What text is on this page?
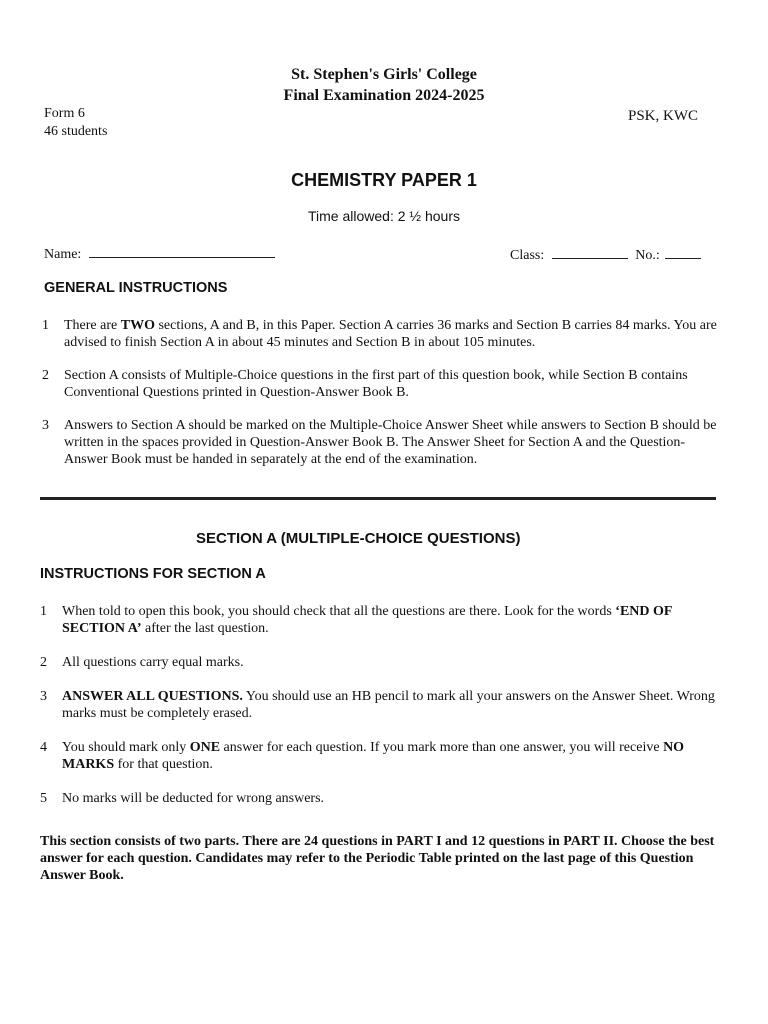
St. Stephen's Girls' College
Final Examination 2024-2025
Form 6
46 students
PSK, KWC
CHEMISTRY PAPER 1
Time allowed: 2 ½ hours
Name:	Class:	No.:
GENERAL INSTRUCTIONS
1 There are TWO sections, A and B, in this Paper. Section A carries 36 marks and Section B carries 84 marks. You are advised to finish Section A in about 45 minutes and Section B in about 105 minutes.
2 Section A consists of Multiple-Choice questions in the first part of this question book, while Section B contains Conventional Questions printed in Question-Answer Book B.
3 Answers to Section A should be marked on the Multiple-Choice Answer Sheet while answers to Section B should be written in the spaces provided in Question-Answer Book B. The Answer Sheet for Section A and the Question-Answer Book must be handed in separately at the end of the examination.
SECTION A (MULTIPLE-CHOICE QUESTIONS)
INSTRUCTIONS FOR SECTION A
1 When told to open this book, you should check that all the questions are there. Look for the words ‘END OF SECTION A’ after the last question.
2 All questions carry equal marks.
3 ANSWER ALL QUESTIONS. You should use an HB pencil to mark all your answers on the Answer Sheet. Wrong marks must be completely erased.
4 You should mark only ONE answer for each question. If you mark more than one answer, you will receive NO MARKS for that question.
5 No marks will be deducted for wrong answers.
This section consists of two parts. There are 24 questions in PART I and 12 questions in PART II. Choose the best answer for each question. Candidates may refer to the Periodic Table printed on the last page of this Question Answer Book.
